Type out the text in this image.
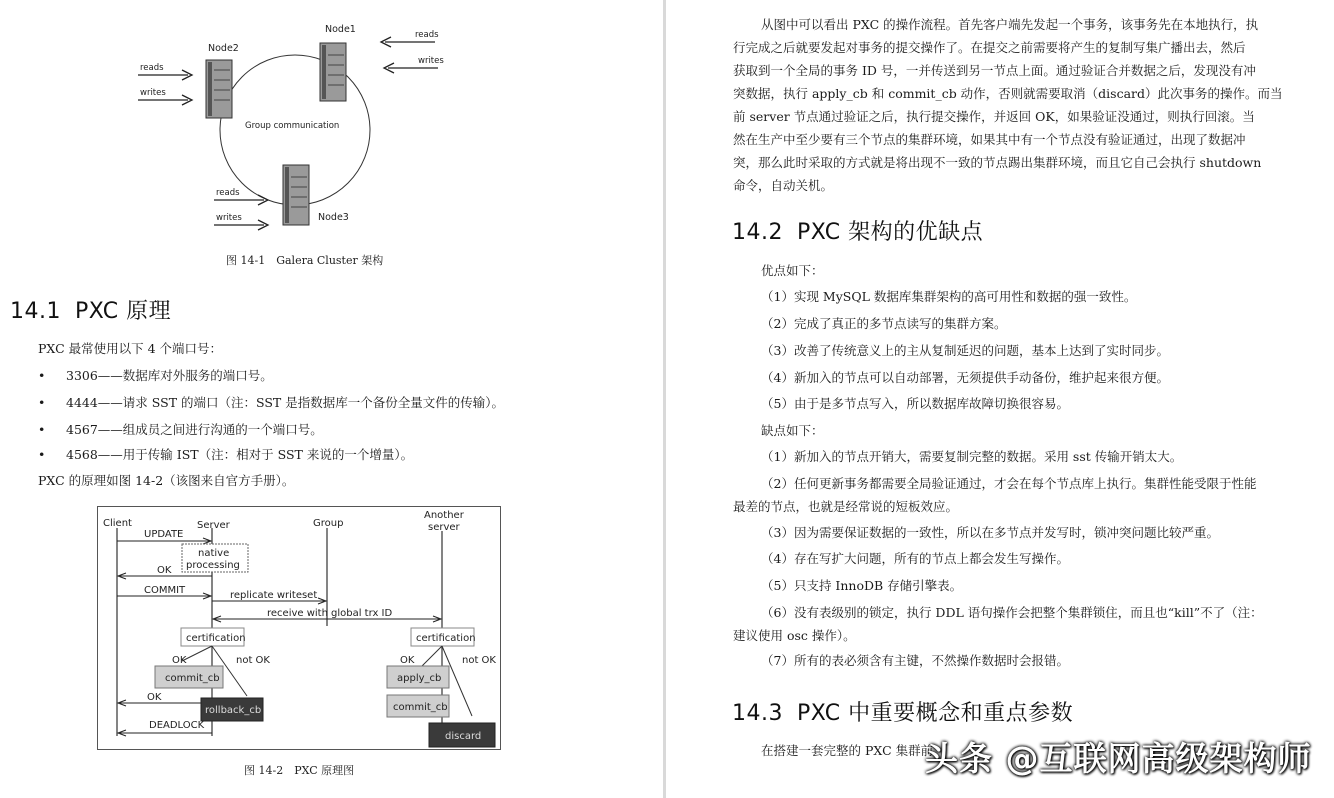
Node2
Node1
Node3
Group communication
reads
writes
reads
writes
reads
writes
图 14-1　Galera Cluster 架构
14.1 PXC 原理
PXC 最常使用以下 4 个端口号：
• 3306——数据库对外服务的端口号。
• 4444——请求 SST 的端口（注：SST 是指数据库一个备份全量文件的传输）。
• 4567——组成员之间进行沟通的一个端口号。
• 4568——用于传输 IST（注：相对于 SST 来说的一个增量）。
PXC 的原理如图 14-2（该图来自官方手册）。
Client	Server	Group
Another
server
UPDATE
native
processing
OK
COMMIT	replicate writeset
receive with global trx ID
certification	certification
OK	not OK	OK	not OK
commit_cb	apply_cb
OK
rollback_cb	commit_cb
DEADLOCK
discard
图 14-2　PXC 原理图
从图中可以看出 PXC 的操作流程。首先客户端先发起一个事务，该事务先在本地执行，执
行完成之后就要发起对事务的提交操作了。在提交之前需要将产生的复制写集广播出去，然后
获取到一个全局的事务 ID 号，一并传送到另一节点上面。通过验证合并数据之后，发现没有冲
突数据，执行 apply_cb 和 commit_cb 动作，否则就需要取消（discard）此次事务的操作。而当
前 server 节点通过验证之后，执行提交操作，并返回 OK，如果验证没通过，则执行回滚。当
然在生产中至少要有三个节点的集群环境，如果其中有一个节点没有验证通过，出现了数据冲
突，那么此时采取的方式就是将出现不一致的节点踢出集群环境，而且它自己会执行 shutdown
命令，自动关机。
14.2 PXC 架构的优缺点
优点如下：
（1）实现 MySQL 数据库集群架构的高可用性和数据的强一致性。
（2）完成了真正的多节点读写的集群方案。
（3）改善了传统意义上的主从复制延迟的问题，基本上达到了实时同步。
（4）新加入的节点可以自动部署，无须提供手动备份，维护起来很方便。
（5）由于是多节点写入，所以数据库故障切换很容易。
缺点如下：
（1）新加入的节点开销大，需要复制完整的数据。采用 sst 传输开销太大。
（2）任何更新事务都需要全局验证通过，才会在每个节点库上执行。集群性能受限于性能
最差的节点，也就是经常说的短板效应。
（3）因为需要保证数据的一致性，所以在多节点并发写时，锁冲突问题比较严重。
（4）存在写扩大问题，所有的节点上都会发生写操作。
（5）只支持 InnoDB 存储引擎表。
（6）没有表级别的锁定，执行 DDL 语句操作会把整个集群锁住，而且也“kill”不了（注：
建议使用 osc 操作）。
（7）所有的表必须含有主键，不然操作数据时会报错。
14.3 PXC 中重要概念和重点参数
在搭建一套完整的 PXC 集群前
头条 @互联网高级架构师
